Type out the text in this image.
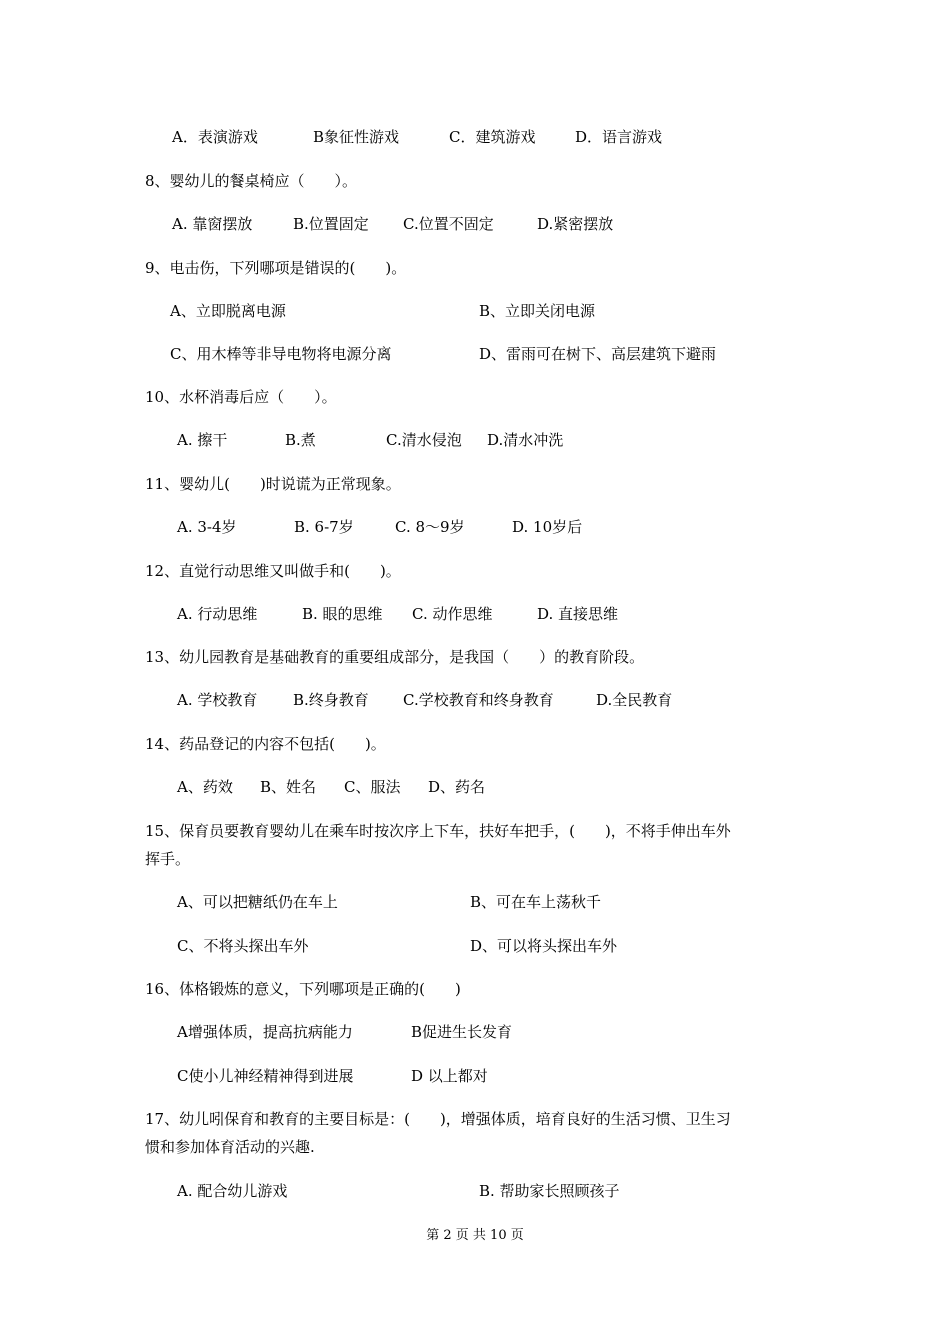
A．表演游戏	B象征性游戏	C．建筑游戏	D．语言游戏
8、婴幼儿的餐桌椅应（　　）。
A. 靠窗摆放	B.位置固定 C.位置不固定	D.紧密摆放
9、电击伤，下列哪项是错误的(　　)。
A、立即脱离电源	B、立即关闭电源
C、用木棒等非导电物将电源分离	D、雷雨可在树下、高层建筑下避雨
10、水杯消毒后应（　　）。
A. 擦干	B.煮	C.清水侵泡 D.清水冲洗
11、婴幼儿(　　)时说谎为正常现象。
A. 3-4岁	B. 6-7岁	C. 8～9岁	D. 10岁后
12、直觉行动思维又叫做手和(　　)。
A. 行动思维	B. 眼的思维 C. 动作思维	D. 直接思维
13、幼儿园教育是基础教育的重要组成部分，是我国（　　）的教育阶段。
A. 学校教育 B.终身教育 C.学校教育和终身教育	D.全民教育
14、药品登记的内容不包括(　　)。
A、药效 B、姓名 C、服法 D、药名
15、保育员要教育婴幼儿在乘车时按次序上下车，扶好车把手，(　　)，不将手伸出车外
挥手。
A、可以把糖纸仍在车上	B、可在车上荡秋千
C、不将头探出车外	D、可以将头探出车外
16、体格锻炼的意义，下列哪项是正确的(　　)
A增强体质，提高抗病能力	B促进生长发育
C使小儿神经精神得到进展	D 以上都对
17、幼儿吲保育和教育的主要目标是：(　　)，增强体质，培育良好的生活习惯、卫生习
惯和参加体育活动的兴趣.
A. 配合幼儿游戏	B. 帮助家长照顾孩子
第 2 页 共 10 页
